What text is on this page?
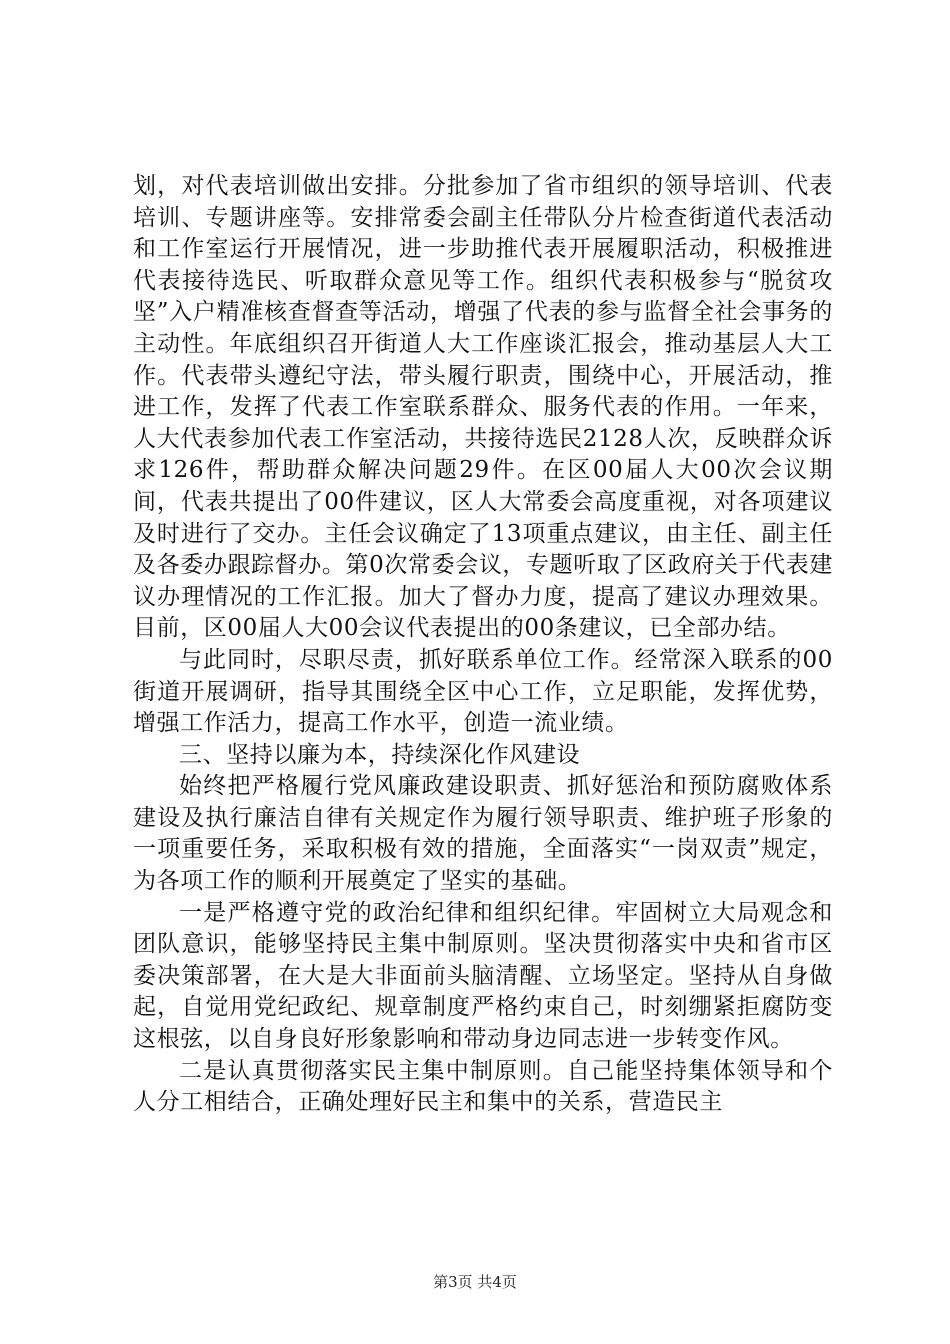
划，对代表培训做出安排。分批参加了省市组织的领导培训、代表培训、专题讲座等。安排常委会副主任带队分片检查街道代表活动和工作室运行开展情况，进一步助推代表开展履职活动，积极推进代表接待选民、听取群众意见等工作。组织代表积极参与“脱贫攻坚”入户精准核查督查等活动，增强了代表的参与监督全社会事务的主动性。年底组织召开街道人大工作座谈汇报会，推动基层人大工作。代表带头遵纪守法，带头履行职责，围绕中心，开展活动，推进工作，发挥了代表工作室联系群众、服务代表的作用。一年来，人大代表参加代表工作室活动，共接待选民2128人次，反映群众诉求126件，帮助群众解决问题29件。在区00届人大00次会议期间，代表共提出了00件建议，区人大常委会高度重视，对各项建议及时进行了交办。主任会议确定了13项重点建议，由主任、副主任及各委办跟踪督办。第0次常委会议，专题听取了区政府关于代表建议办理情况的工作汇报。加大了督办力度，提高了建议办理效果。目前，区00届人大00会议代表提出的00条建议，已全部办结。

与此同时，尽职尽责，抓好联系单位工作。经常深入联系的00街道开展调研，指导其围绕全区中心工作，立足职能，发挥优势，增强工作活力，提高工作水平，创造一流业绩。

三、坚持以廉为本，持续深化作风建设

始终把严格履行党风廉政建设职责、抓好惩治和预防腐败体系建设及执行廉洁自律有关规定作为履行领导职责、维护班子形象的一项重要任务，采取积极有效的措施，全面落实“一岗双责”规定，为各项工作的顺利开展奠定了坚实的基础。

一是严格遵守党的政治纪律和组织纪律。牢固树立大局观念和团队意识，能够坚持民主集中制原则。坚决贯彻落实中央和省市区委决策部署，在大是大非面前头脑清醒、立场坚定。坚持从自身做起，自觉用党纪政纪、规章制度严格约束自己，时刻绷紧拒腐防变这根弦，以自身良好形象影响和带动身边同志进一步转变作风。

二是认真贯彻落实民主集中制原则。自己能坚持集体领导和个人分工相结合，正确处理好民主和集中的关系，营造民主

第3页 共4页
